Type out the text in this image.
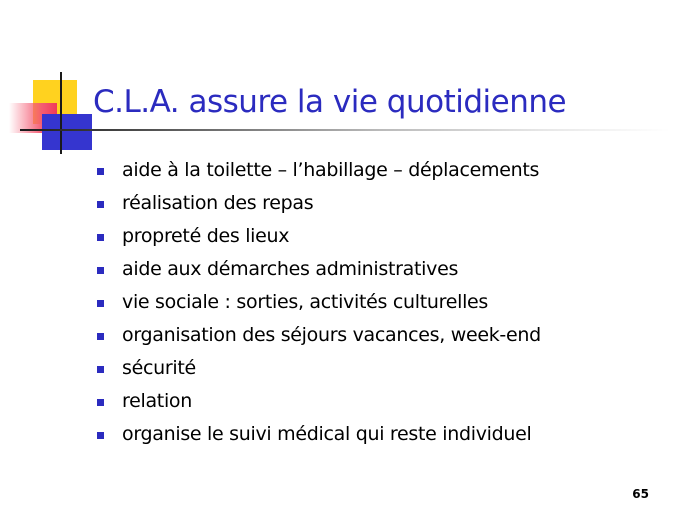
C.L.A. assure la vie quotidienne
aide à la toilette – l’habillage – déplacements
réalisation des repas
propreté des lieux
aide aux démarches administratives
vie sociale : sorties, activités culturelles
organisation des séjours vacances, week-end
sécurité
relation
organise le suivi médical qui reste individuel
65
